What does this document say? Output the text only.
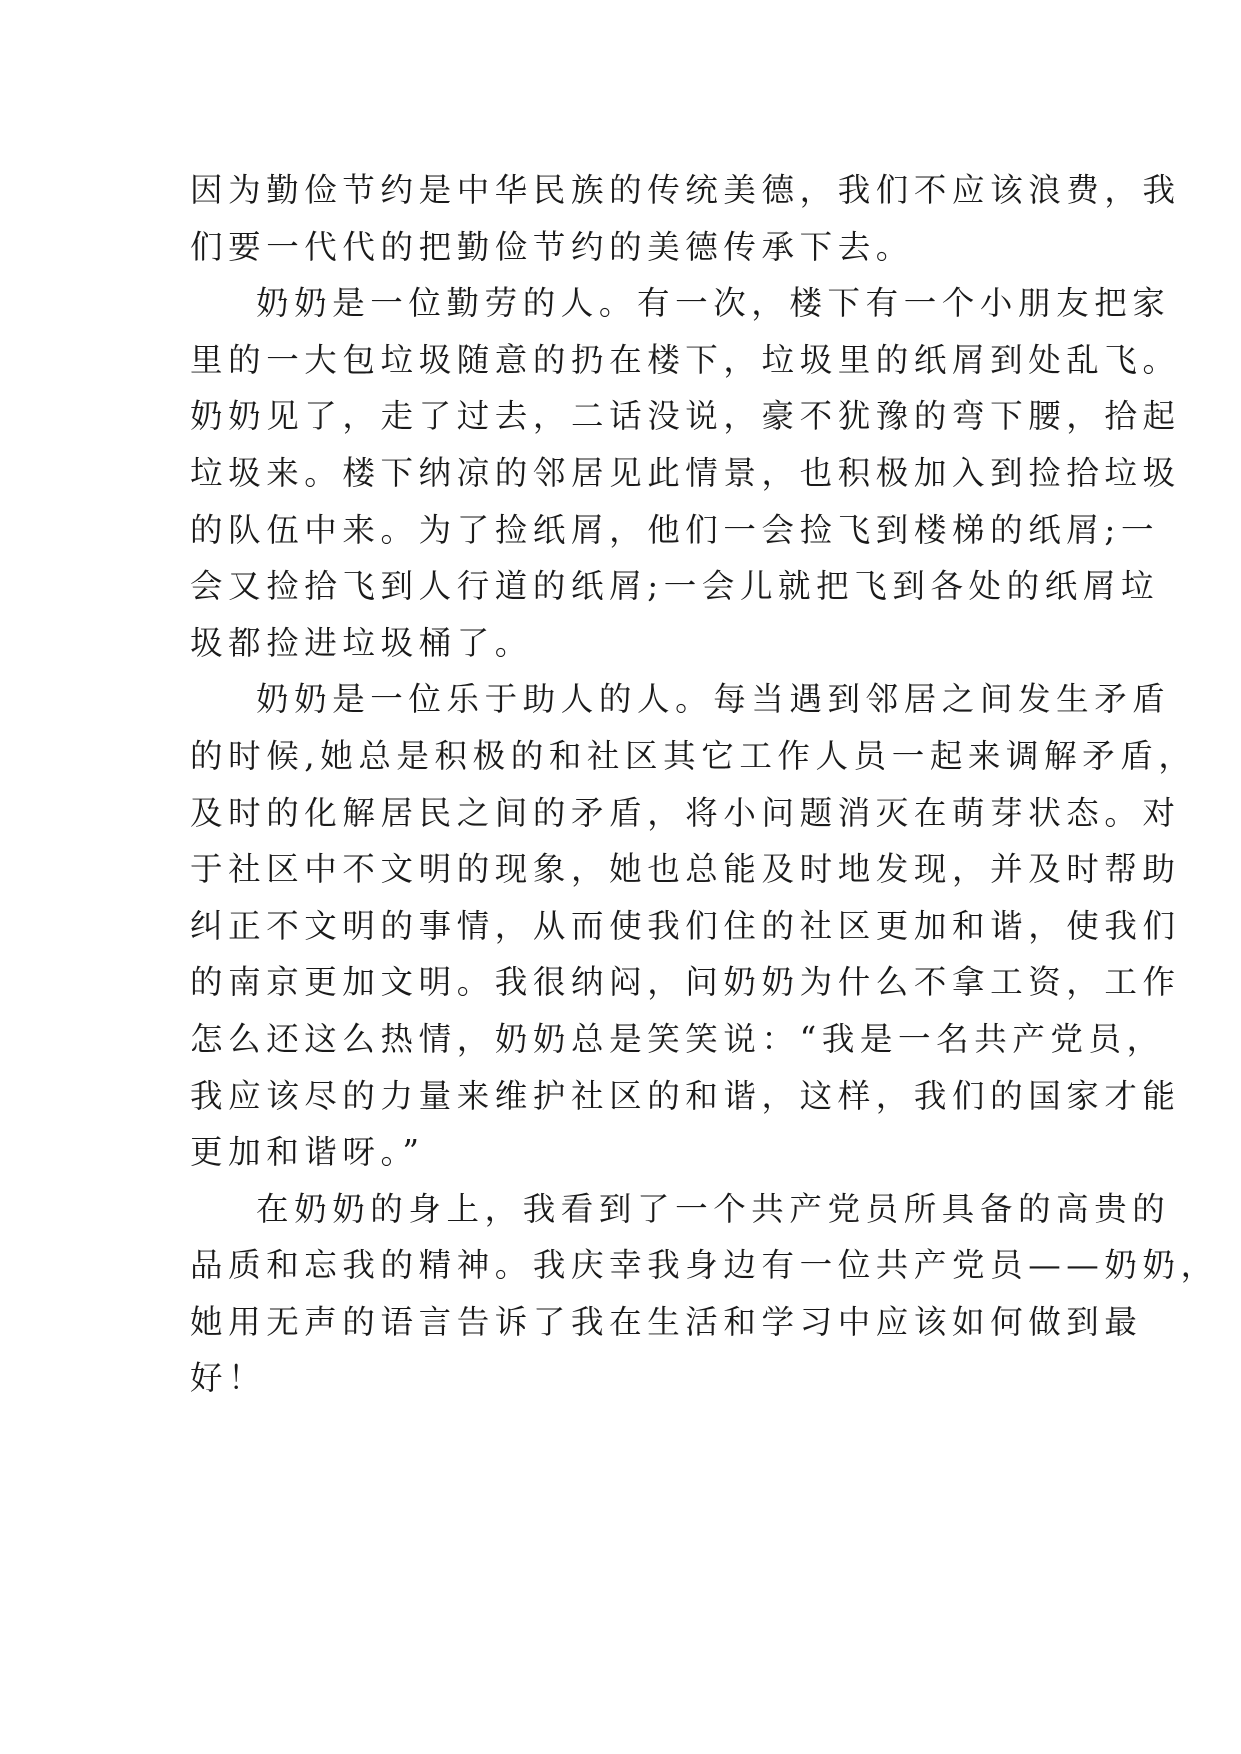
因为勤俭节约是中华民族的传统美德，我们不应该浪费，我
们要一代代的把勤俭节约的美德传承下去。
奶奶是一位勤劳的人。有一次，楼下有一个小朋友把家
里的一大包垃圾随意的扔在楼下，垃圾里的纸屑到处乱飞。
奶奶见了，走了过去，二话没说，豪不犹豫的弯下腰，拾起
垃圾来。楼下纳凉的邻居见此情景，也积极加入到捡拾垃圾
的队伍中来。为了捡纸屑，他们一会捡飞到楼梯的纸屑;一
会又捡拾飞到人行道的纸屑;一会儿就把飞到各处的纸屑垃
圾都捡进垃圾桶了。
奶奶是一位乐于助人的人。每当遇到邻居之间发生矛盾
的时候,她总是积极的和社区其它工作人员一起来调解矛盾，
及时的化解居民之间的矛盾，将小问题消灭在萌芽状态。对
于社区中不文明的现象，她也总能及时地发现，并及时帮助
纠正不文明的事情，从而使我们住的社区更加和谐，使我们
的南京更加文明。我很纳闷，问奶奶为什么不拿工资，工作
怎么还这么热情，奶奶总是笑笑说：“我是一名共产党员，
我应该尽的力量来维护社区的和谐，这样，我们的国家才能
更加和谐呀。”
在奶奶的身上，我看到了一个共产党员所具备的高贵的
品质和忘我的精神。我庆幸我身边有一位共产党员——奶奶，
她用无声的语言告诉了我在生活和学习中应该如何做到最
好！
